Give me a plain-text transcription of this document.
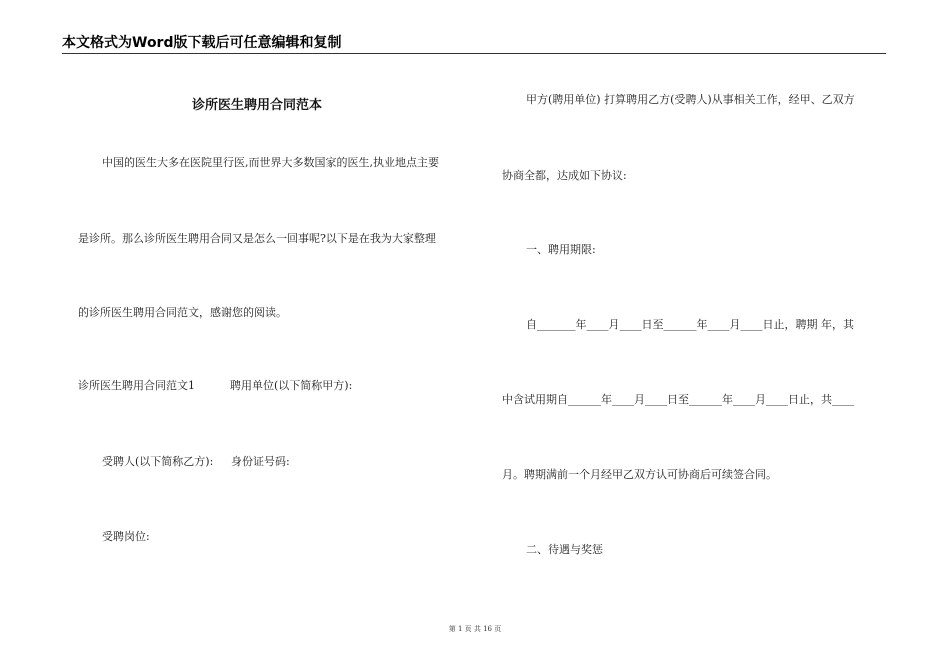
本文格式为Word版下载后可任意编辑和复制
诊所医生聘用合同范本
中国的医生大多在医院里行医,而世界大多数国家的医生,执业地点主要
是诊所。那么诊所医生聘用合同又是怎么一回事呢?以下是在我为大家整理
的诊所医生聘用合同范文，感谢您的阅读。
诊所医生聘用合同范文1	聘用单位(以下简称甲方):
受聘人(以下简称乙方): 身份证号码:
受聘岗位:
甲方(聘用单位) 打算聘用乙方(受聘人)从事相关工作，经甲、乙双方
协商全都，达成如下协议:
一、聘用期限:
自_______年____月____日至______年____月____日止，聘期 年，其
中含试用期自______年____月____日至______年____月____日止，共____
月。聘期满前一个月经甲乙双方认可协商后可续签合同。
二、待遇与奖惩
第 1 页 共 16 页
